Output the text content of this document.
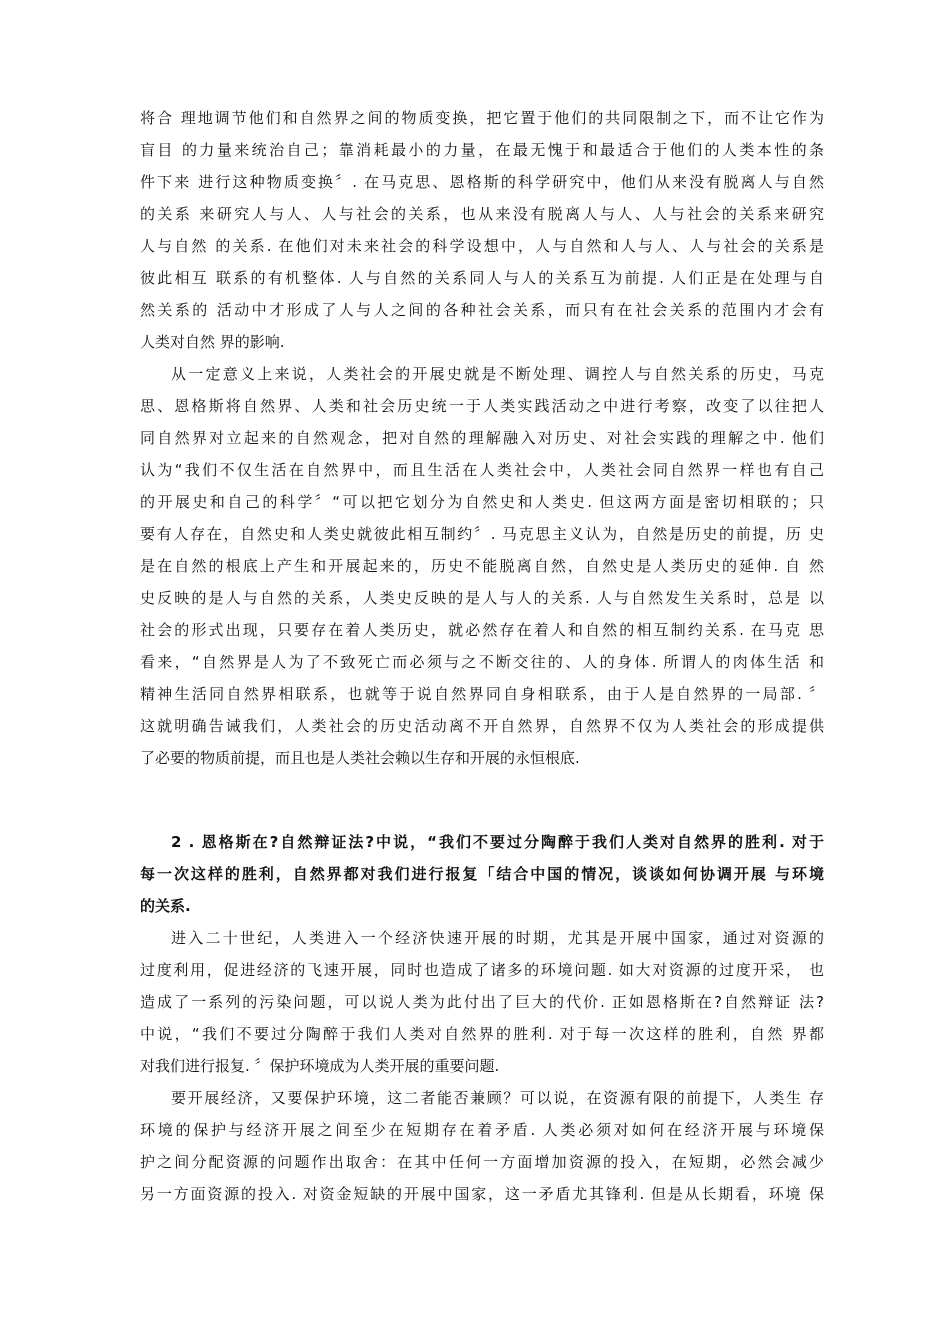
将合 理地调节他们和自然界之间的物质变换，把它置于他们的共同限制之下，而不让它作为
盲目 的力量来统治自己；靠消耗最小的力量，在最无愧于和最适合于他们的人类本性的条
件下来 进行这种物质变换〞. 在马克思、恩格斯的科学研究中，他们从来没有脱离人与自然
的关系 来研究人与人、人与社会的关系，也从来没有脱离人与人、人与社会的关系来研究
人与自然 的关系. 在他们对未来社会的科学设想中，人与自然和人与人、人与社会的关系是
彼此相互 联系的有机整体. 人与自然的关系同人与人的关系互为前提. 人们正是在处理与自
然关系的 活动中才形成了人与人之间的各种社会关系，而只有在社会关系的范围内才会有
人类对自然 界的影响.
从一定意义上来说，人类社会的开展史就是不断处理、调控人与自然关系的历史，马克
思、恩格斯将自然界、人类和社会历史统一于人类实践活动之中进行考察，改变了以往把人
同自然界对立起来的自然观念，把对自然的理解融入对历史、对社会实践的理解之中. 他们
认为“我们不仅生活在自然界中，而且生活在人类社会中，人类社会同自然界一样也有自己
的开展史和自己的科学〞“可以把它划分为自然史和人类史. 但这两方面是密切相联的；只
要有人存在，自然史和人类史就彼此相互制约〞. 马克思主义认为，自然是历史的前提，历 史
是在自然的根底上产生和开展起来的，历史不能脱离自然，自然史是人类历史的延伸. 自 然
史反映的是人与自然的关系，人类史反映的是人与人的关系. 人与自然发生关系时，总是 以
社会的形式出现，只要存在着人类历史，就必然存在着人和自然的相互制约关系. 在马克 思
看来，“自然界是人为了不致死亡而必须与之不断交往的、人的身体. 所谓人的肉体生活 和
精神生活同自然界相联系，也就等于说自然界同自身相联系，由于人是自然界的一局部. 〞
这就明确告诫我们，人类社会的历史活动离不开自然界，自然界不仅为人类社会的形成提供
了必要的物质前提，而且也是人类社会赖以生存和开展的永恒根底.
2 . 恩格斯在?自然辩证法?中说，“我们不要过分陶醉于我们人类对自然界的胜利. 对于
每一次这样的胜利，自然界都对我们进行报复「结合中国的情况，谈谈如何协调开展 与环境
的关系.
进入二十世纪，人类进入一个经济快速开展的时期，尤其是开展中国家，通过对资源的
过度利用，促进经济的飞速开展，同时也造成了诸多的环境问题. 如大对资源的过度开采， 也
造成了一系列的污染问题，可以说人类为此付出了巨大的代价. 正如恩格斯在?自然辩证 法?
中说，“我们不要过分陶醉于我们人类对自然界的胜利. 对于每一次这样的胜利，自然 界都
对我们进行报复. 〞保护环境成为人类开展的重要问题.
要开展经济，又要保护环境，这二者能否兼顾？可以说，在资源有限的前提下，人类生 存
环境的保护与经济开展之间至少在短期存在着矛盾. 人类必须对如何在经济开展与环境保
护之间分配资源的问题作出取舍：在其中任何一方面增加资源的投入，在短期，必然会减少
另一方面资源的投入. 对资金短缺的开展中国家，这一矛盾尤其锋利. 但是从长期看，环境 保
